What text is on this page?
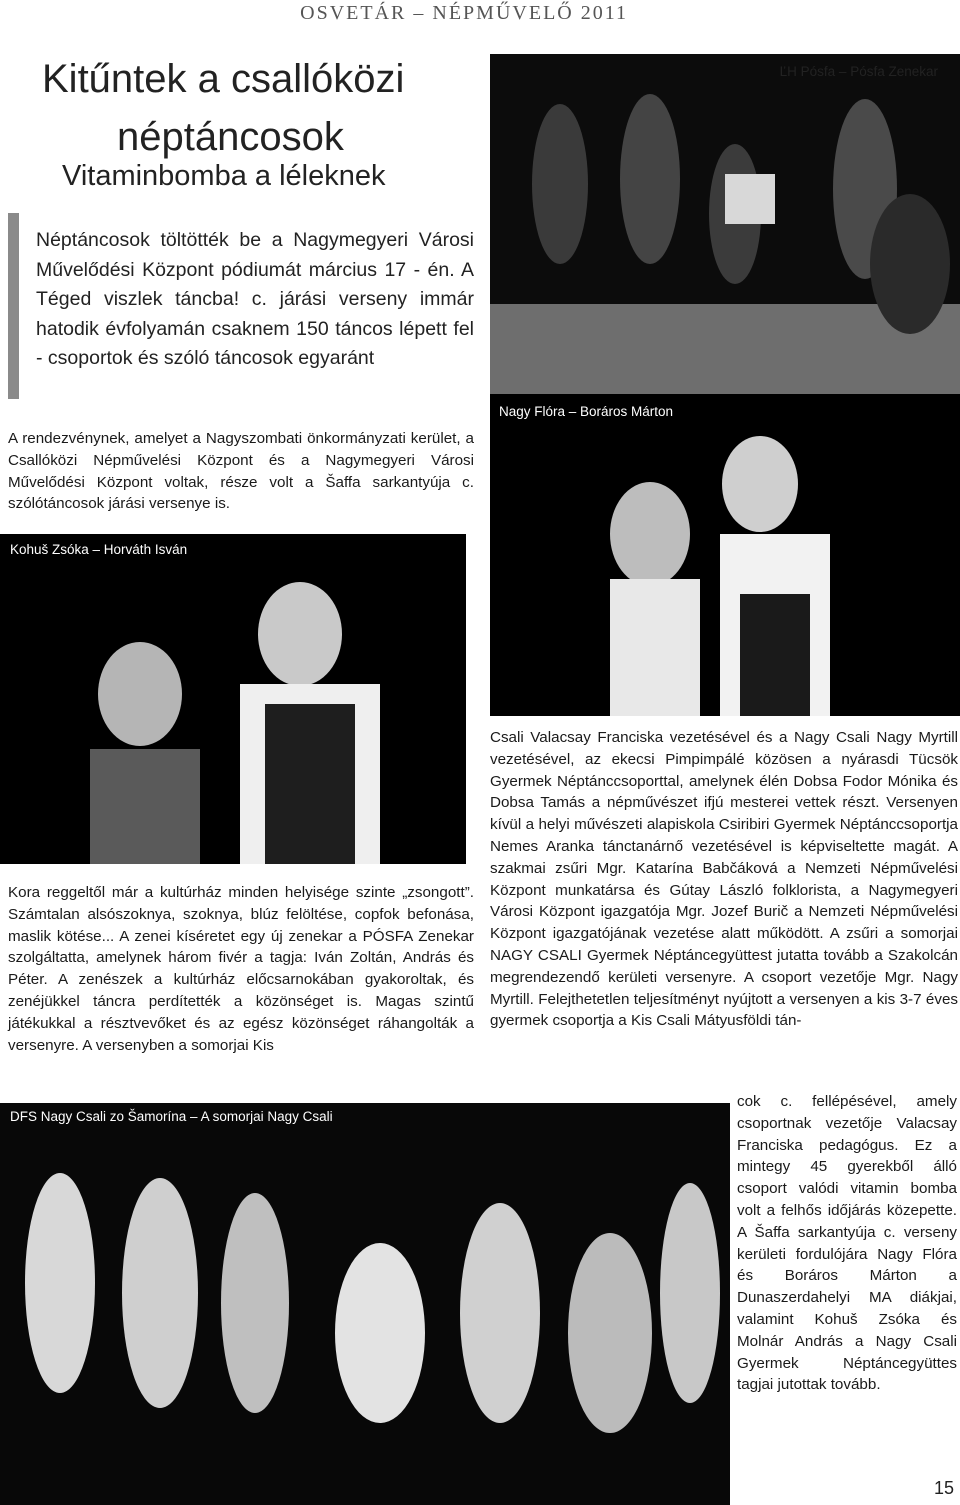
OSVETÁR – NÉPMŰVELŐ 2011
Kitűntek a csallóközi
néptáncosok
Vitaminbomba a léleknek
Néptáncosok töltötték be a Nagymegyeri Városi Művelődési Központ pódiumát március 17 - én. A Téged viszlek táncba! c. járási verseny immár hatodik évfolyamán csaknem 150 táncos lépett fel - csoportok és szóló táncosok egyaránt
A rendezvénynek, amelyet a Nagyszombati önkormányzati kerület, a Csallóközi Népművelési Központ és a Nagymegyeri Városi Művelődési Központ voltak, része volt a Šaffa sarkantyúja c. szólótáncosok járási versenye is.
ĽH Pósfa – Pósfa Zenekar
Nagy Flóra – Boráros Márton
Kohuš Zsóka – Horváth Isván
Kora reggeltől már a kultúrház minden helyisége szinte „zsongott”. Számtalan alsószoknya, szoknya, blúz felöltése, copfok befonása, maslik kötése... A zenei kíséretet egy új zenekar a PÓSFA Zenekar szolgáltatta, amelynek három fivér a tagja: Iván Zoltán, András és Péter. A zenészek a kultúrház előcsarnokában gyakoroltak, és zenéjükkel táncra perdítették a közönséget is. Magas szintű játékukkal a résztvevőket és az egész közönséget ráhangolták a versenyre. A versenyben a somorjai Kis
Csali Valacsay Franciska vezetésével és a Nagy Csali Nagy Myrtill vezetésével, az ekecsi Pimpimpálé közösen a nyárasdi Tücsök Gyermek Néptánccsoporttal, amelynek élén Dobsa Fodor Mónika és Dobsa Tamás a népművészet ifjú mesterei vettek részt. Versenyen kívül a helyi művészeti alapiskola Csiribiri Gyermek Néptánccsoportja Nemes Aranka tánctanárnő vezetésével is képviseltette magát. A szakmai zsűri Mgr. Katarína Babčáková a Nemzeti Népművelési Központ munkatársa és Gútay László folklorista, a Nagymegyeri Városi Központ igazgatója Mgr. Jozef Burič a Nemzeti Népművelési Központ igazgatójának vezetése alatt működött. A zsűri a somorjai NAGY CSALI Gyermek Néptáncegyüttest jutatta tovább a Szakolcán megrendezendő kerületi versenyre. A csoport vezetője Mgr. Nagy Myrtill. Felejthetetlen teljesítményt nyújtott a versenyen a kis 3-7 éves gyermek csoportja a Kis Csali Mátyusföldi tán-
DFS Nagy Csali zo Šamorína – A somorjai Nagy Csali
cok c. fellépésével, amely csoportnak vezetője Valacsay Franciska pedagógus. Ez a mintegy 45 gyerekből álló csoport valódi vitamin bomba volt a felhős időjárás közepette. A Šaffa sarkantyúja c. verseny kerületi fordulójára Nagy Flóra és Boráros Márton a Dunaszerdahelyi MA diákjai, valamint Kohuš Zsóka és Molnár András a Nagy Csali Gyermek Néptáncegyüttes tagjai jutottak tovább.
15
